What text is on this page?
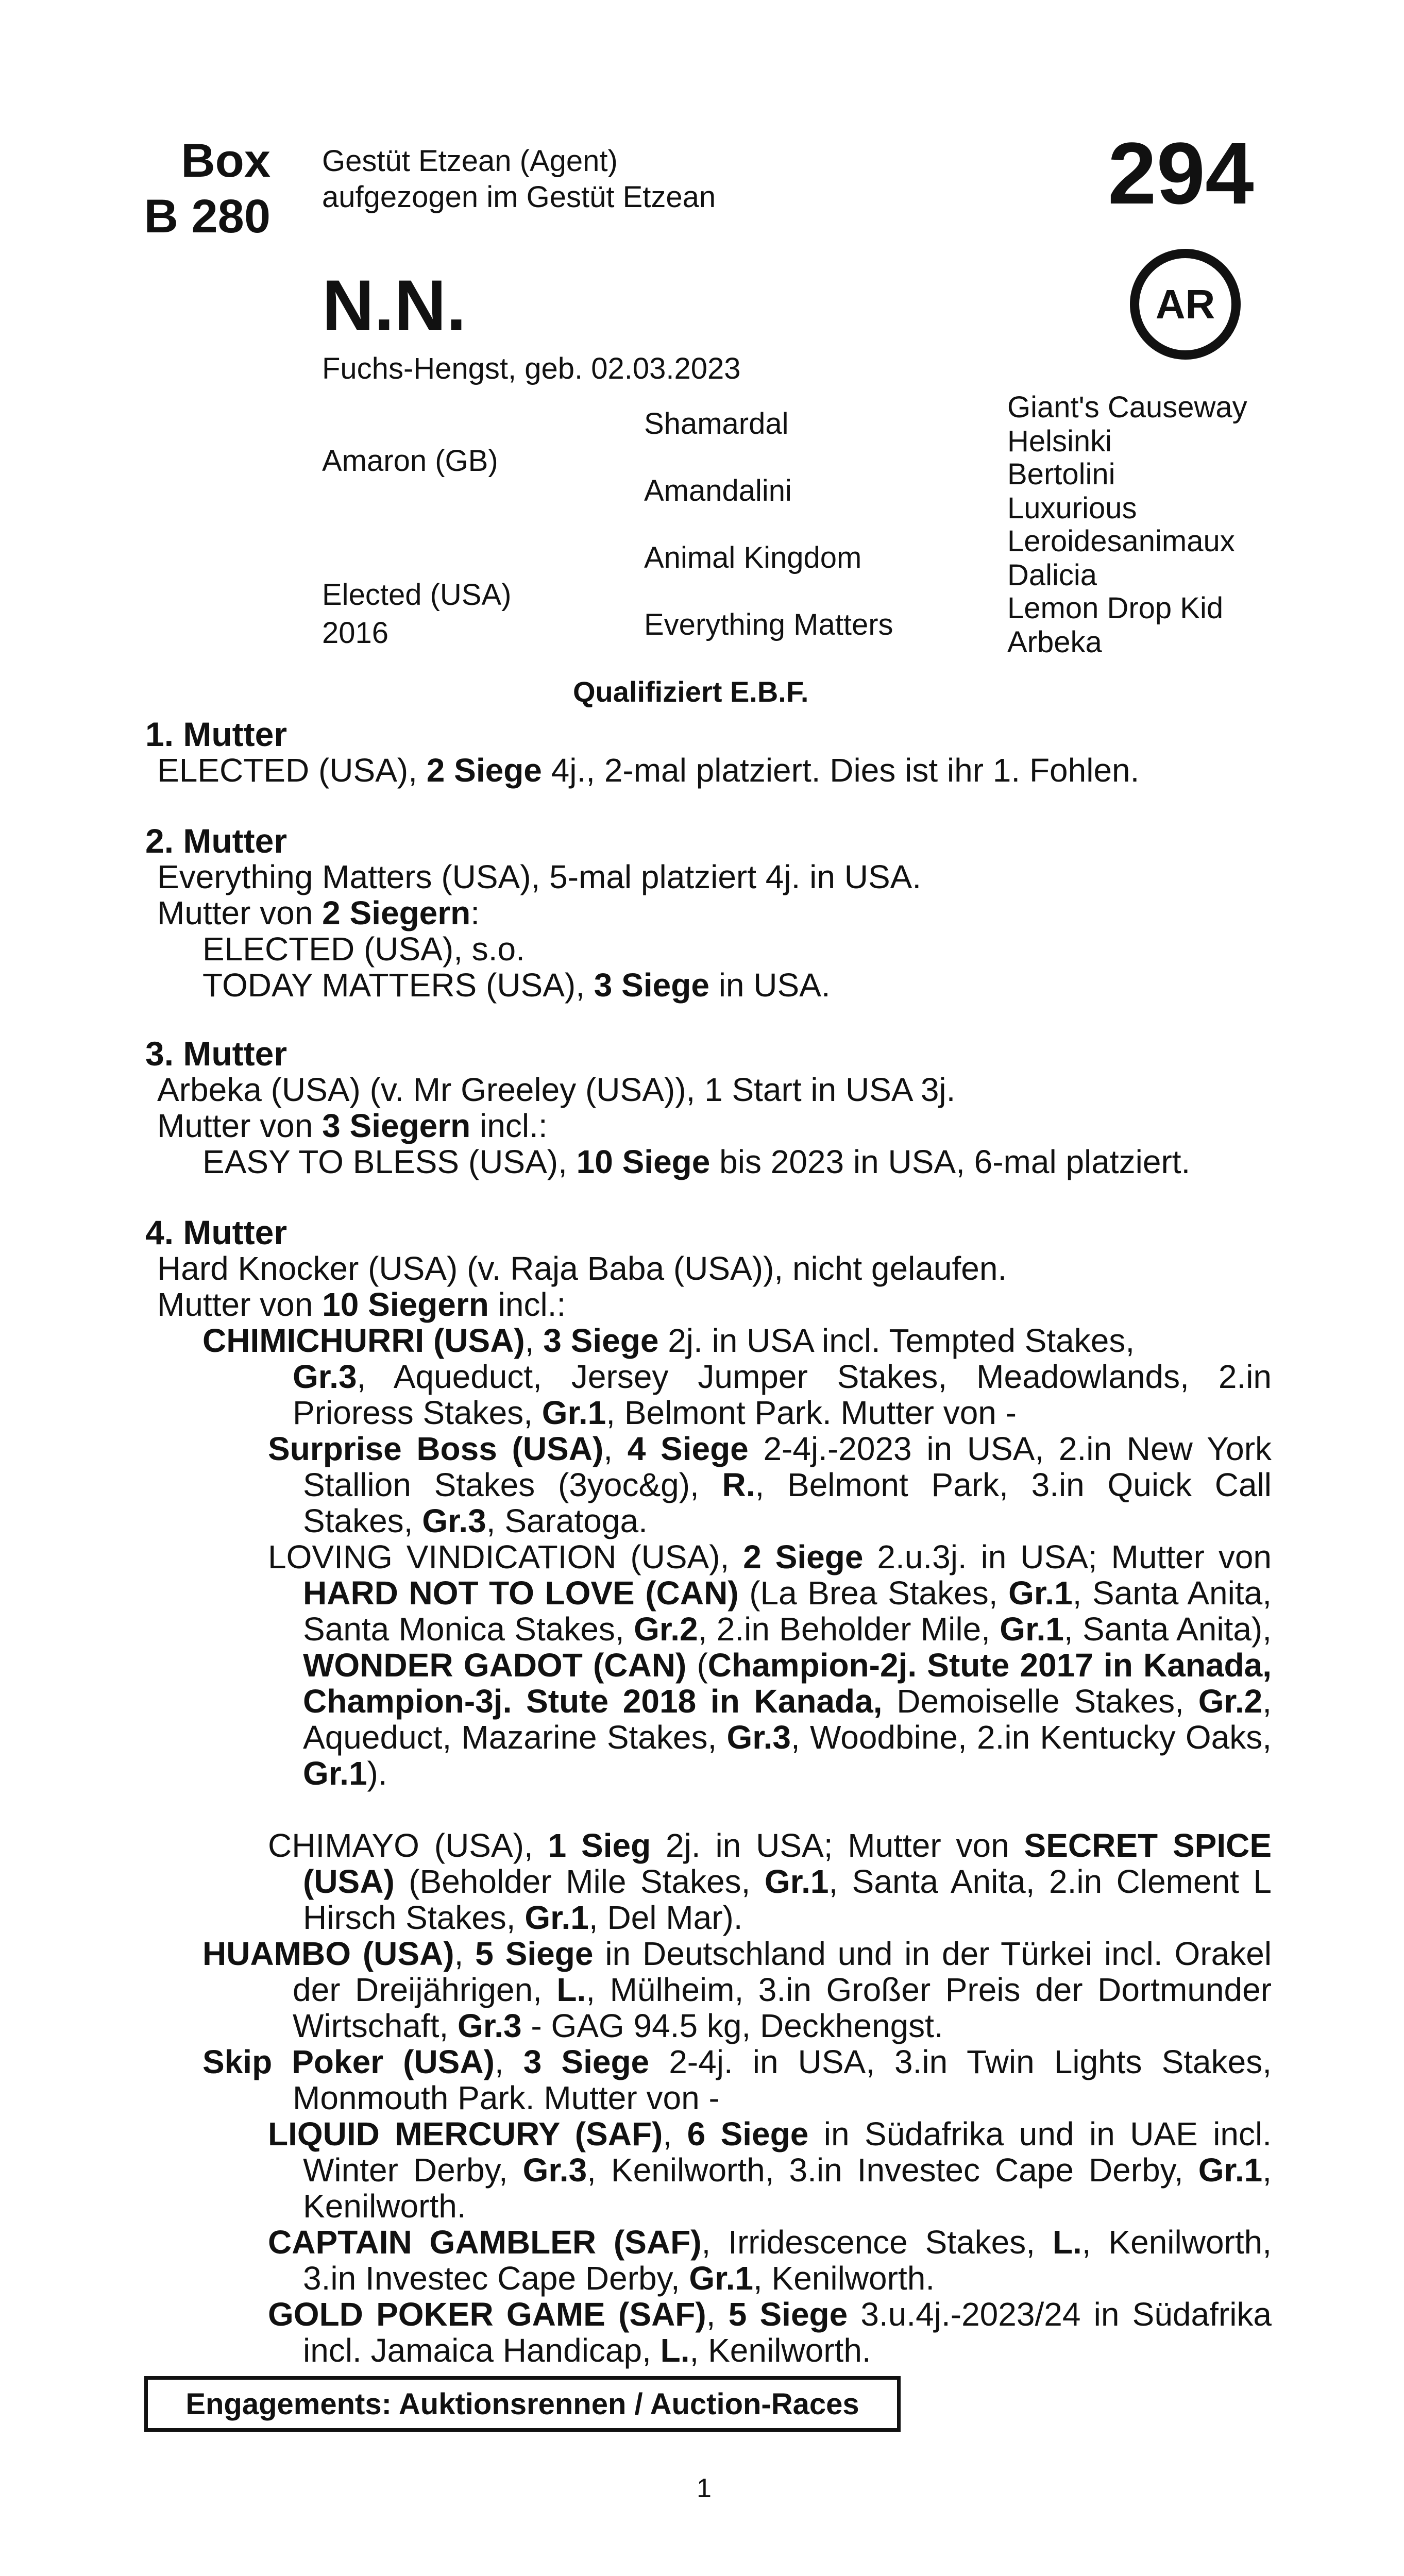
Box
B 280
Gestüt Etzean (Agent)
aufgezogen im Gestüt Etzean	294
AR
N.N.
Fuchs-Hengst, geb. 02.03.2023
Amaron (GB)
Elected (USA)
2016
Shamardal
Amandalini
Animal Kingdom
Everything Matters
Giant's Causeway
Helsinki
Bertolini
Luxurious
Leroidesanimaux
Dalicia
Lemon Drop Kid
Arbeka
Qualifiziert E.B.F.
1. Mutter
ELECTED (USA), 2 Siege 4j., 2-mal platziert. Dies ist ihr 1. Fohlen.
2. Mutter
Everything Matters (USA), 5-mal platziert 4j. in USA.
Mutter von 2 Siegern:
ELECTED (USA), s.o.
TODAY MATTERS (USA), 3 Siege in USA.
3. Mutter
Arbeka (USA) (v. Mr Greeley (USA)), 1 Start in USA 3j.
Mutter von 3 Siegern incl.:
EASY TO BLESS (USA), 10 Siege bis 2023 in USA, 6-mal platziert.
4. Mutter
Hard Knocker (USA) (v. Raja Baba (USA)), nicht gelaufen.
Mutter von 10 Siegern incl.:
CHIMICHURRI (USA), 3 Siege 2j. in USA incl. Tempted Stakes,
Gr.3, Aqueduct, Jersey Jumper Stakes, Meadowlands, 2.in Prioress Stakes, Gr.1, Belmont Park. Mutter von -
Surprise Boss (USA), 4 Siege 2-4j.-2023 in USA, 2.in New York Stallion Stakes (3yoc&g), R., Belmont Park, 3.in Quick Call Stakes, Gr.3, Saratoga.
LOVING VINDICATION (USA), 2 Siege 2.u.3j. in USA; Mutter von HARD NOT TO LOVE (CAN) (La Brea Stakes, Gr.1, Santa Anita, Santa Monica Stakes, Gr.2, 2.in Beholder Mile, Gr.1, Santa Anita), WONDER GADOT (CAN) (Champion-2j. Stute 2017 in Kanada, Champion-3j. Stute 2018 in Kanada, Demoiselle Stakes, Gr.2, Aqueduct, Mazarine Stakes, Gr.3, Woodbine, 2.in Kentucky Oaks, Gr.1).
CHIMAYO (USA), 1 Sieg 2j. in USA; Mutter von SECRET SPICE (USA) (Beholder Mile Stakes, Gr.1, Santa Anita, 2.in Clement L Hirsch Stakes, Gr.1, Del Mar).
HUAMBO (USA), 5 Siege in Deutschland und in der Türkei incl. Orakel der Dreijährigen, L., Mülheim, 3.in Großer Preis der Dortmunder Wirtschaft, Gr.3 - GAG 94.5 kg, Deckhengst.
Skip Poker (USA), 3 Siege 2-4j. in USA, 3.in Twin Lights Stakes, Monmouth Park. Mutter von -
LIQUID MERCURY (SAF), 6 Siege in Südafrika und in UAE incl. Winter Derby, Gr.3, Kenilworth, 3.in Investec Cape Derby, Gr.1, Kenilworth.
CAPTAIN GAMBLER (SAF), Irridescence Stakes, L., Kenilworth, 3.in Investec Cape Derby, Gr.1, Kenilworth.
GOLD POKER GAME (SAF), 5 Siege 3.u.4j.-2023/24 in Südafrika incl. Jamaica Handicap, L., Kenilworth.
Engagements: Auktionsrennen / Auction-Races
1
